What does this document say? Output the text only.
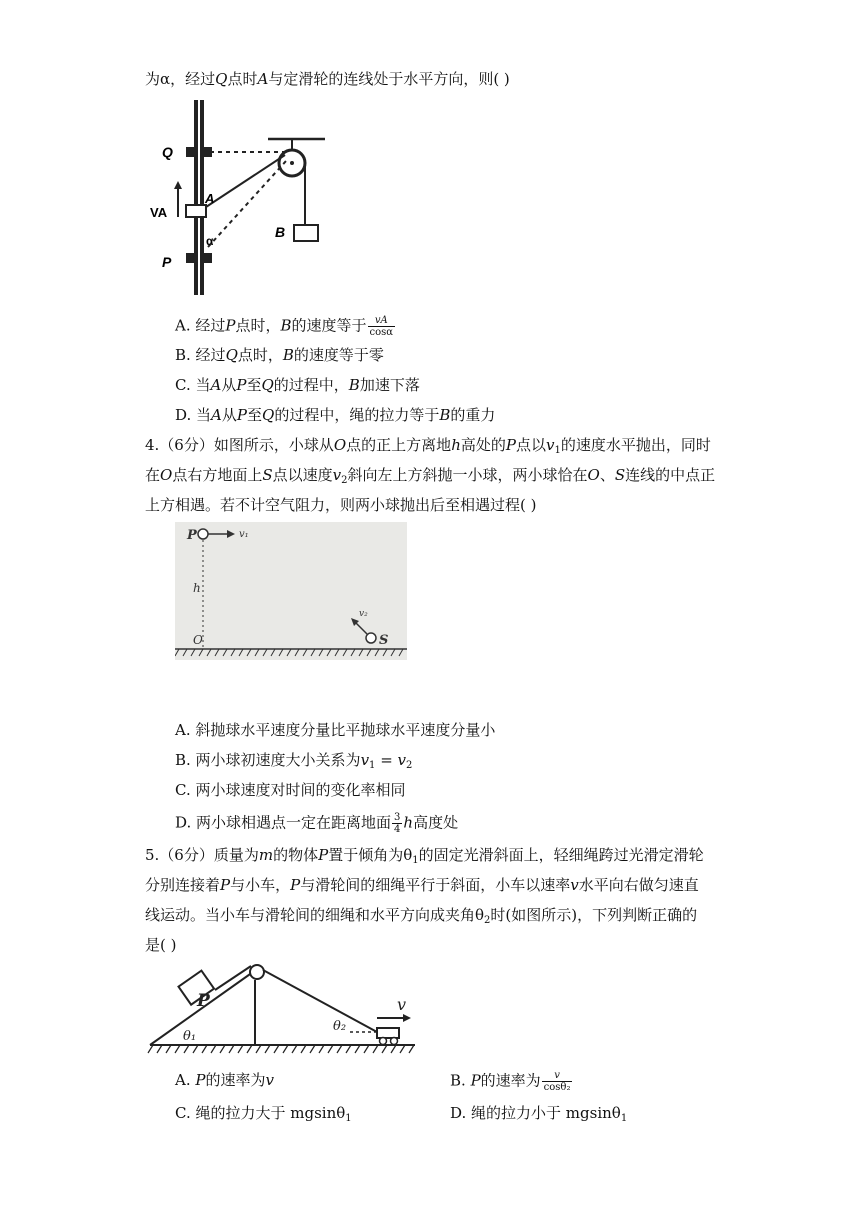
为α，经过Q点时A与定滑轮的连线处于水平方向，则( )
Q
A
VA
α
P
B
A. 经过P点时，B的速度等于 $\frac{vA}{\cos\alpha}$
B. 经过Q点时，B的速度等于零
C. 当A从P至Q的过程中，B加速下落
D. 当A从P至Q的过程中，绳的拉力等于B的重力
4.（6分）如图所示，小球从O点的正上方离地h高处的P点以$v_1$的速度水平抛出，同时
在O点右方地面上S点以速度$v_2$斜向左上方斜抛一小球，两小球恰在O、S连线的中点正
上方相遇。若不计空气阻力，则两小球抛出后至相遇过程( )
P	v₁
h
O
v₂
S
A. 斜抛球水平速度分量比平抛球水平速度分量小
B. 两小球初速度大小关系为$v_1 = v_2$
C. 两小球速度对时间的变化率相同
D. 两小球相遇点一定在距离地面 $\frac{3}{4}$ h高度处
5.（6分）质量为m的物体P置于倾角为$\theta_1$的固定光滑斜面上，轻细绳跨过光滑定滑轮
分别连接着P与小车，P与滑轮间的细绳平行于斜面，小车以速率v水平向右做匀速直
线运动。当小车与滑轮间的细绳和水平方向成夹角$\theta_2$时(如图所示)，下列判断正确的
是( )
P
θ₁
θ₂
v
A. P的速率为v	B. P的速率为 $\frac{v}{\text{cosθ₂}}$
C. 绳的拉力大于 mgsinθ$_1$	D. 绳的拉力小于 mgsinθ$_1$
